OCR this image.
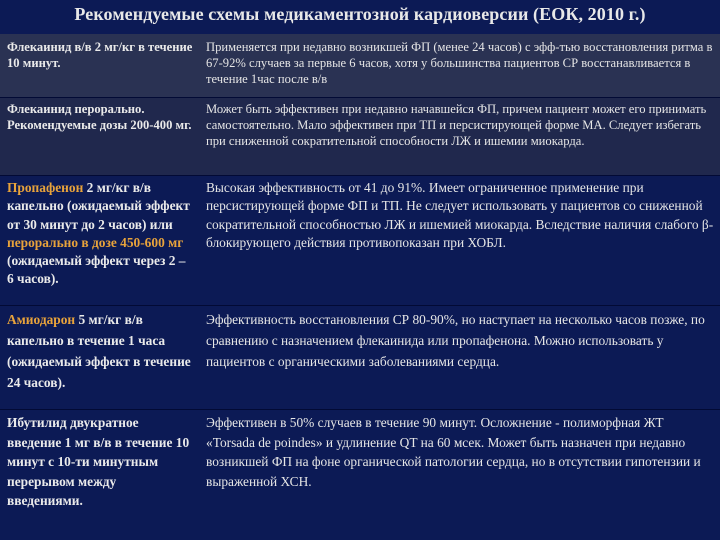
Рекомендуемые схемы медикаментозной кардиоверсии (ЕОК, 2010 г.)
Флекаинид в/в 2 мг/кг в течение 10 минут.	Применяется при недавно возникшей ФП (менее 24 часов) с эфф-тью восстановления ритма в 67-92% случаев за первые 6 часов, хотя у большинства пациентов СР восстанавливается в течение 1час после в/в
Флекаинид перорально. Рекомендуемые дозы 200-400 мг.	Может быть эффективен при недавно начавшейся ФП, причем пациент может его принимать самостоятельно. Мало эффективен при ТП и персистирующей форме МА. Следует избегать при сниженной сократительной способности ЛЖ и ишемии миокарда.
Пропафенон 2 мг/кг в/в капельно (ожидаемый эффект от 30 минут до 2 часов) или перорально в дозе 450-600 мг (ожидаемый эффект через 2 – 6 часов).	Высокая эффективность от 41 до 91%. Имеет ограниченное применение при персистирующей форме ФП и ТП. Не следует использовать у пациентов со сниженной сократительной способностью ЛЖ и ишемией миокарда. Вследствие наличия слабого β-блокирующего действия противопоказан при ХОБЛ.
Амиодарон 5 мг/кг в/в капельно в течение 1 часа (ожидаемый эффект в течение 24 часов).	Эффективность восстановления СР 80-90%, но наступает на несколько часов позже, по сравнению с назначением флекаинида или пропафенона. Можно использовать у пациентов с органическими заболеваниями сердца.
Ибутилид двукратное введение 1 мг в/в в течение 10 минут с 10-ти минутным перерывом между введениями.	Эффективен в 50% случаев в течение 90 минут. Осложнение - полиморфная ЖТ «Torsada de poindes» и удлинение QT на 60 мсек. Может быть назначен при недавно возникшей ФП на фоне органической патологии сердца, но в отсутствии гипотензии и выраженной ХСН.
